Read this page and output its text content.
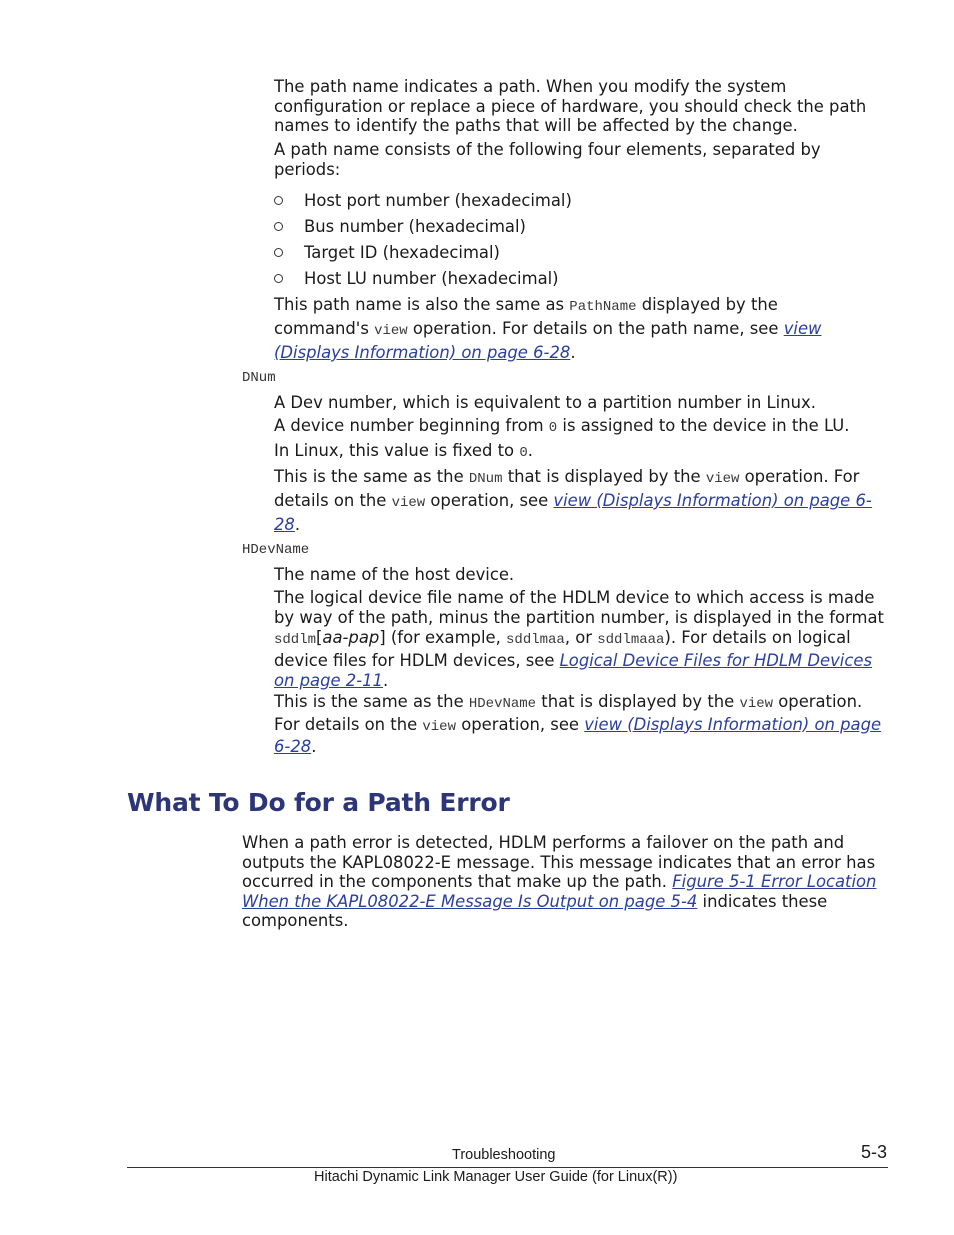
The path name indicates a path. When you modify the system configuration or replace a piece of hardware, you should check the path names to identify the paths that will be affected by the change.

A path name consists of the following four elements, separated by periods:

Host port number (hexadecimal)
Bus number (hexadecimal)
Target ID (hexadecimal)
Host LU number (hexadecimal)

This path name is also the same as PathName displayed by the command's view operation. For details on the path name, see view (Displays Information) on page 6-28.

DNum

A Dev number, which is equivalent to a partition number in Linux.

A device number beginning from 0 is assigned to the device in the LU.

In Linux, this value is fixed to 0.

This is the same as the DNum that is displayed by the view operation. For details on the view operation, see view (Displays Information) on page 6-28.

HDevName

The name of the host device.

The logical device file name of the HDLM device to which access is made by way of the path, minus the partition number, is displayed in the format sddlm[aa-pap] (for example, sddlmaa, or sddlmaaa). For details on logical device files for HDLM devices, see Logical Device Files for HDLM Devices on page 2-11.

This is the same as the HDevName that is displayed by the view operation. For details on the view operation, see view (Displays Information) on page 6-28.

What To Do for a Path Error

When a path error is detected, HDLM performs a failover on the path and outputs the KAPL08022-E message. This message indicates that an error has occurred in the components that make up the path. Figure 5-1 Error Location When the KAPL08022-E Message Is Output on page 5-4 indicates these components.

Troubleshooting	5-3
Hitachi Dynamic Link Manager User Guide (for Linux(R))
